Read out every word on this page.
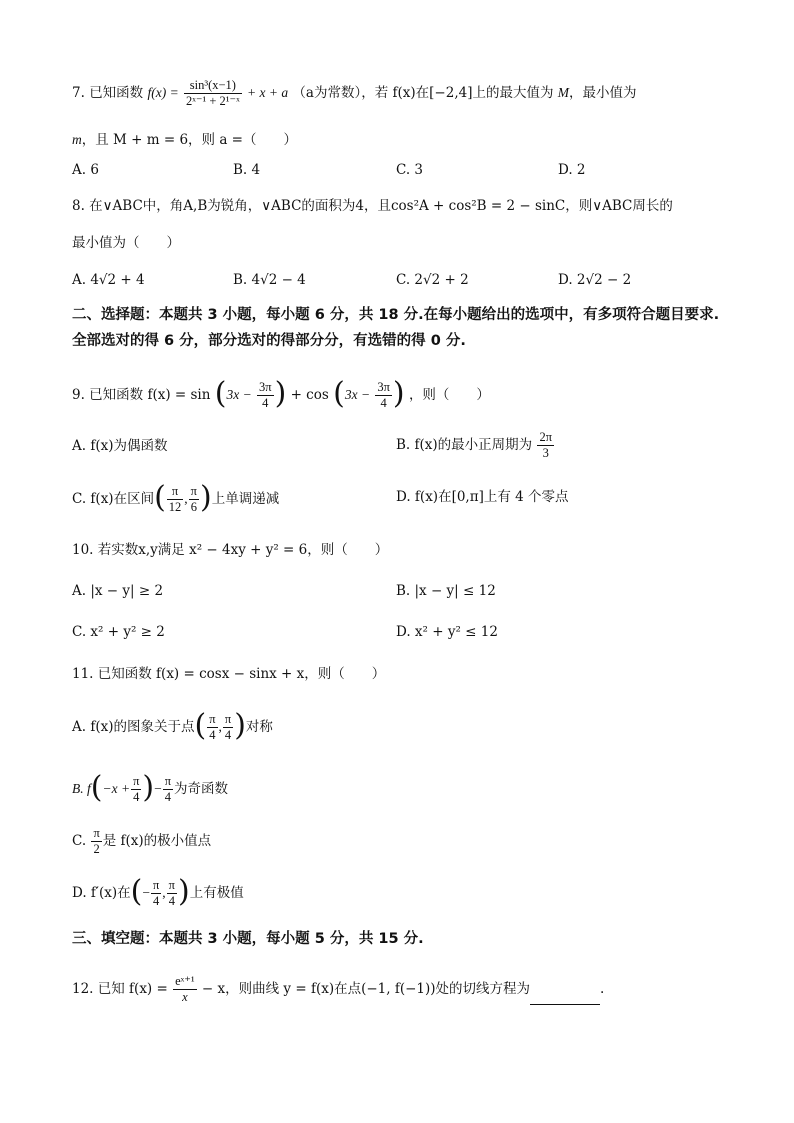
7. 已知函数 $f(x) = \frac{\text{sin³(x−1)}}{\text{2ˣ⁻¹ + 2¹⁻ˣ}} + x + a$ （a为常数），若 f(x)在[−2,4]上的最大值为 M，最小值为
m，且 M + m = 6，则 a =（　　）
A. 6	B. 4	C. 3	D. 2
8. 在∨ABC中，角A,B为锐角，∨ABC的面积为4，且cos²A + cos²B = 2 − sinC，则∨ABC周长的
最小值为（　　）
A. 4√2 + 4	B. 4√2 − 4	C. 2√2 + 2	D. 2√2 − 2
二、选择题：本题共 3 小题，每小题 6 分，共 18 分.在每小题给出的选项中，有多项符合题目要求.全部选对的得 6 分，部分选对的得部分分，有选错的得 0 分.
9. 已知函数 $f(x) = \sin (3x - \frac{3\pi}{4}$ ) + $\cos (3x - \frac{3\pi}{4}$ ) ，则（　　）
A. f(x)为偶函数	B. f(x)的最小正周期为 $\frac{2\pi}{3}$
C. f(x)在区间( $\frac{\pi}{12}$ , $\frac{\pi}{6}$ )上单调递减	D. f(x)在[0,π]上有 4 个零点
10. 若实数x,y满足 x² − 4xy + y² = 6，则（　　）
A. |x − y| ≥ 2	B. |x − y| ≤ 12
C. x² + y² ≥ 2	D. x² + y² ≤ 12
11. 已知函数 f(x) = cosx − sinx + x，则（　　）
A. f(x)的图象关于点( $\frac{\pi}{4}$ , $\frac{\pi}{4}$ )对称
B. $f(-x + \frac{\pi}{4}$ )− $\frac{\pi}{4}$ 为奇函数
C. $\frac{\pi}{2}$ 是 f(x)的极小值点
D. f′(x)在(− $\frac{\pi}{4}$ , $\frac{\pi}{4}$ )上有极值
三、填空题：本题共 3 小题，每小题 5 分，共 15 分.
12. 已知 $f(x) = \frac{\text{eˣ⁺¹}}{x} - x$，则曲线 y = f(x)在点(−1, f(−1))处的切线方程为	.
